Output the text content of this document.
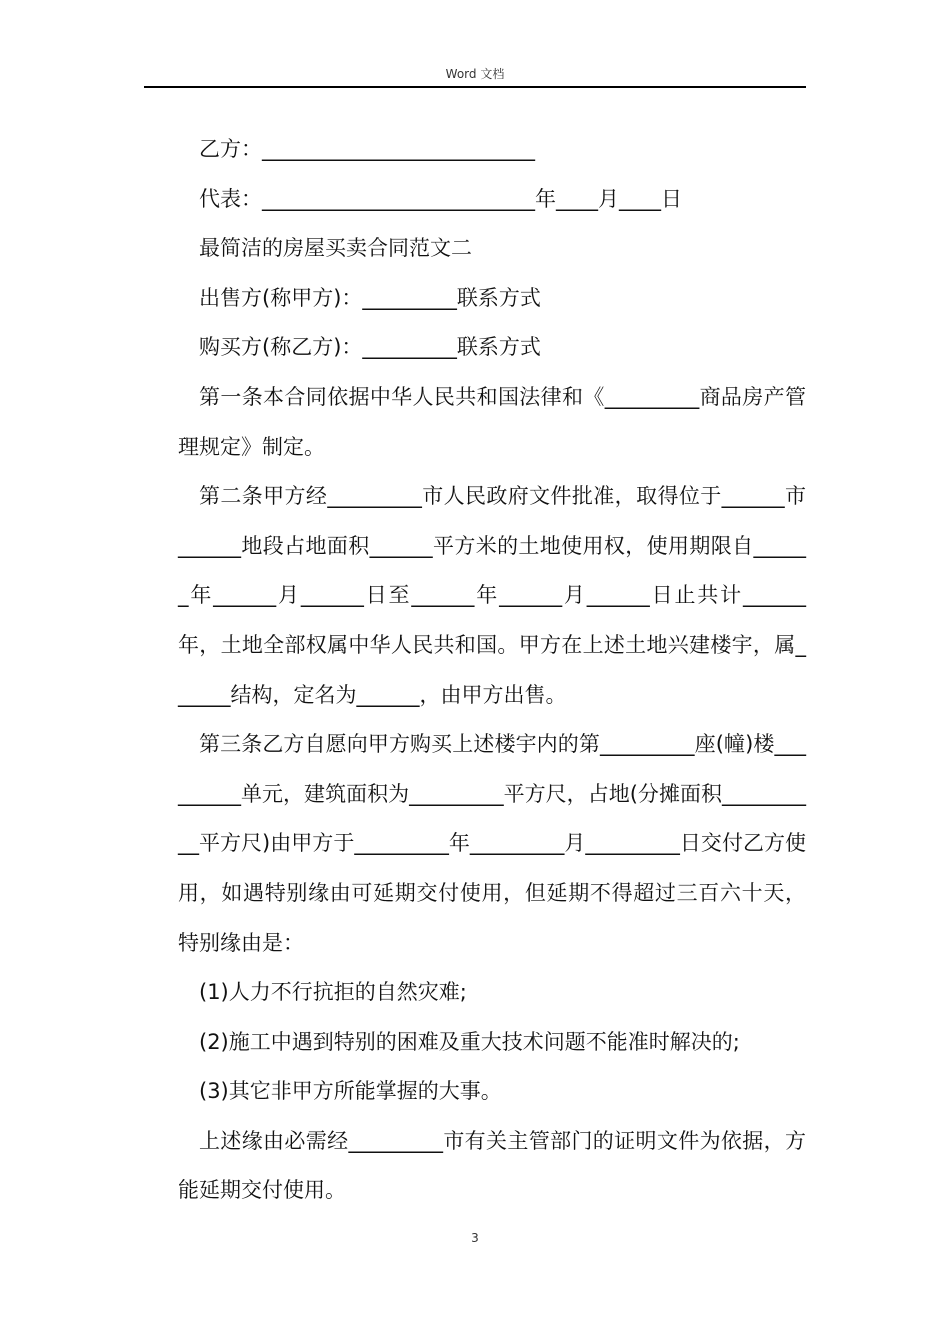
Word 文档

乙方：__________________________

代表：__________________________年____月____日

最简洁的房屋买卖合同范文二

出售方(称甲方)：_________联系方式

购买方(称乙方)：_________联系方式

第一条本合同依据中华人民共和国法律和《_________商品房产管理规定》制定。

第二条甲方经_________市人民政府文件批准，取得位于______市______地段占地面积______平方米的土地使用权，使用期限自______年______月______日至______年______月______日止共计______年，土地全部权属中华人民共和国。甲方在上述土地兴建楼宇，属______结构，定名为______，由甲方出售。

第三条乙方自愿向甲方购买上述楼宇内的第_________座(幢)楼_________单元，建筑面积为_________平方尺，占地(分摊面积__________平方尺)由甲方于_________年_________月_________日交付乙方使用，如遇特别缘由可延期交付使用，但延期不得超过三百六十天，特别缘由是：

(1)人力不行抗拒的自然灾难;

(2)施工中遇到特别的困难及重大技术问题不能准时解决的;

(3)其它非甲方所能掌握的大事。

上述缘由必需经_________市有关主管部门的证明文件为依据，方能延期交付使用。

3
